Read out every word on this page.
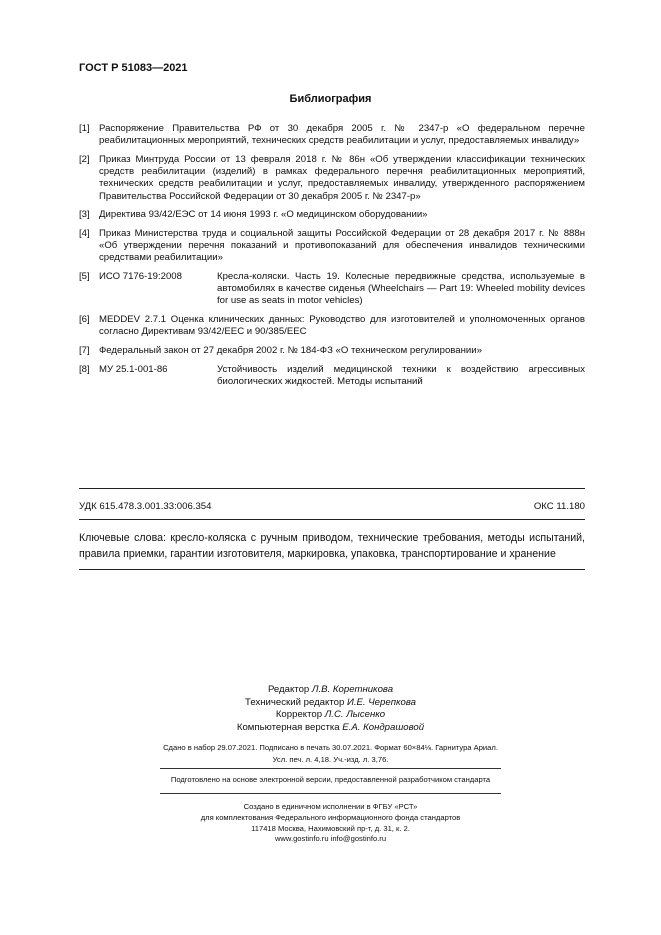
ГОСТ Р 51083—2021
Библиография
[1] Распоряжение Правительства РФ от 30 декабря 2005 г. № 2347-р «О федеральном перечне реабилитационных мероприятий, технических средств реабилитации и услуг, предоставляемых инвалиду»
[2] Приказ Минтруда России от 13 февраля 2018 г. № 86н «Об утверждении классификации технических средств реабилитации (изделий) в рамках федерального перечня реабилитационных мероприятий, технических средств реабилитации и услуг, предоставляемых инвалиду, утвержденного распоряжением Правительства Российской Федерации от 30 декабря 2005 г. № 2347-р»
[3] Директива 93/42/ЕЭС от 14 июня 1993 г. «О медицинском оборудовании»
[4] Приказ Министерства труда и социальной защиты Российской Федерации от 28 декабря 2017 г. № 888н «Об утверждении перечня показаний и противопоказаний для обеспечения инвалидов техническими средствами реабилитации»
[5] ИСО 7176-19:2008	Кресла-коляски. Часть 19. Колесные передвижные средства, используемые в автомобилях в качестве сиденья (Wheelchairs — Part 19: Wheeled mobility devices for use as seats in motor vehicles)
[6] MEDDEV 2.7.1 Оценка клинических данных: Руководство для изготовителей и уполномоченных органов согласно Директивам 93/42/ЕЕС и 90/385/ЕЕС
[7] Федеральный закон от 27 декабря 2002 г. № 184-ФЗ «О техническом регулировании»
[8] МУ 25.1-001-86	Устойчивость изделий медицинской техники к воздействию агрессивных биологических жидкостей. Методы испытаний
УДК 615.478.3.001.33:006.354	ОКС 11.180
Ключевые слова: кресло-коляска с ручным приводом, технические требования, методы испытаний, правила приемки, гарантии изготовителя, маркировка, упаковка, транспортирование и хранение
Редактор Л.В. Коретникова
Технический редактор И.Е. Черепкова
Корректор Л.С. Лысенко
Компьютерная верстка Е.А. Кондрашовой
Сдано в набор 29.07.2021. Подписано в печать 30.07.2021. Формат 60×84⅛. Гарнитура Ариал.
Усл. печ. л. 4,18. Уч.-изд. л. 3,76.
Подготовлено на основе электронной версии, предоставленной разработчиком стандарта
Создано в единичном исполнении в ФГБУ «РСТ»
для комплектования Федерального информационного фонда стандартов
117418 Москва, Нахимовский пр-т, д. 31, к. 2.
www.gostinfo.ru info@gostinfo.ru
